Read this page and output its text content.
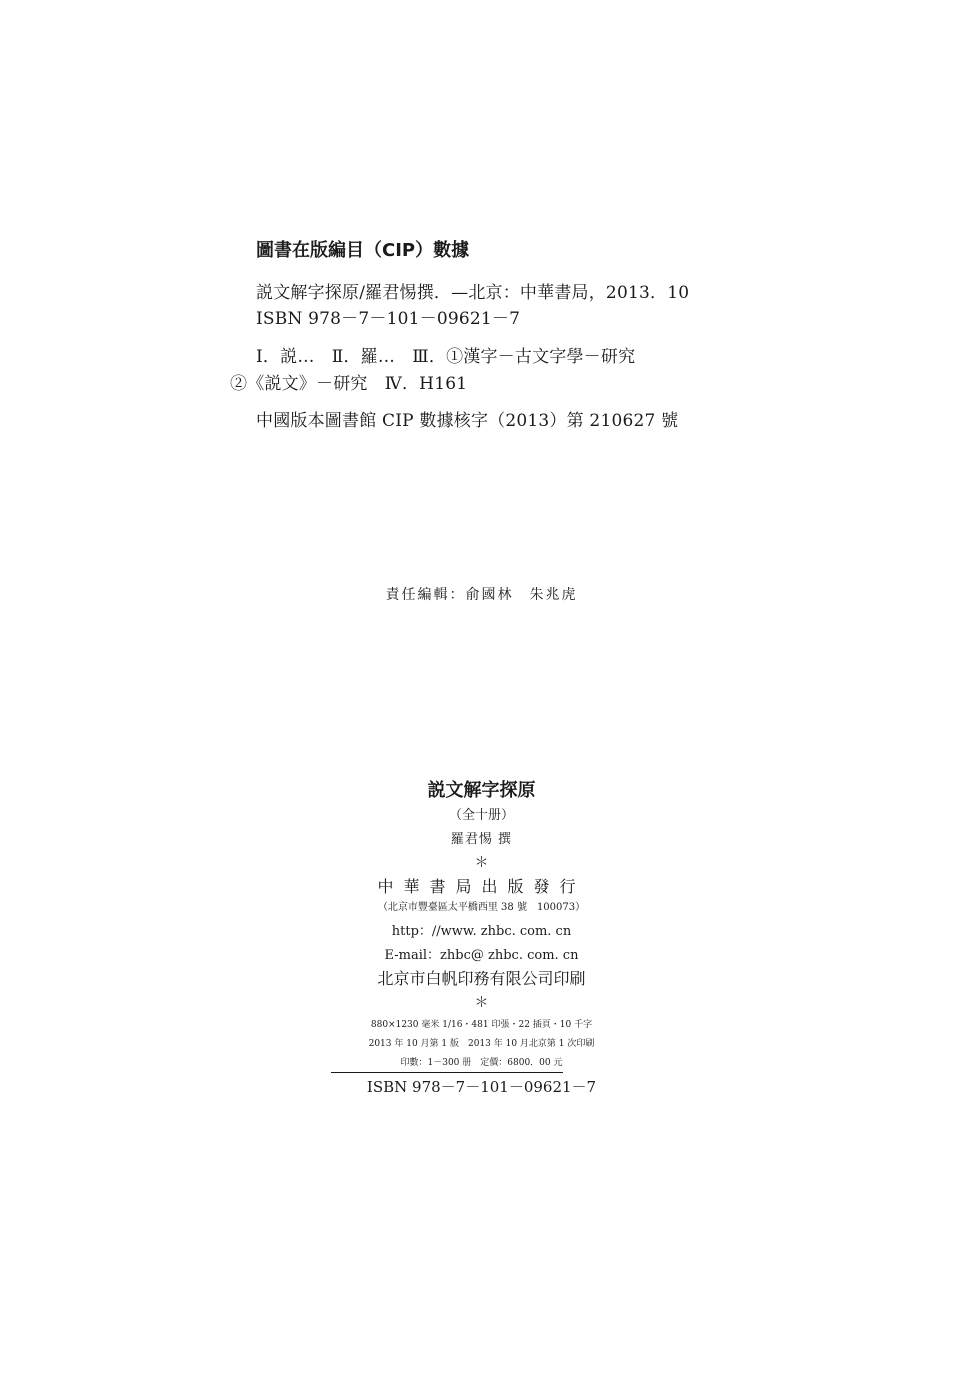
圖書在版編目（CIP）數據
説文解字探原/羅君惕撰．—北京：中華書局，2013．10
ISBN 978－7－101－09621－7
Ⅰ．説…　Ⅱ．羅…　Ⅲ．①漢字－古文字學－研究
②《説文》－研究　Ⅳ．H161
中國版本圖書館 CIP 數據核字（2013）第 210627 號
責任編輯：俞國林　朱兆虎
説文解字探原
（全十册）
羅君惕 撰
＊
中華書局出版發行
（北京市豐臺區太平橋西里 38 號　100073）
http：//www. zhbc. com. cn
E-mail：zhbc@ zhbc. com. cn
北京市白帆印務有限公司印刷
＊
880×1230 毫米 1/16・481 印張・22 插頁・10 千字
2013 年 10 月第 1 版　2013 年 10 月北京第 1 次印刷
印數：1－300 册　定價：6800．00 元
ISBN 978－7－101－09621－7
